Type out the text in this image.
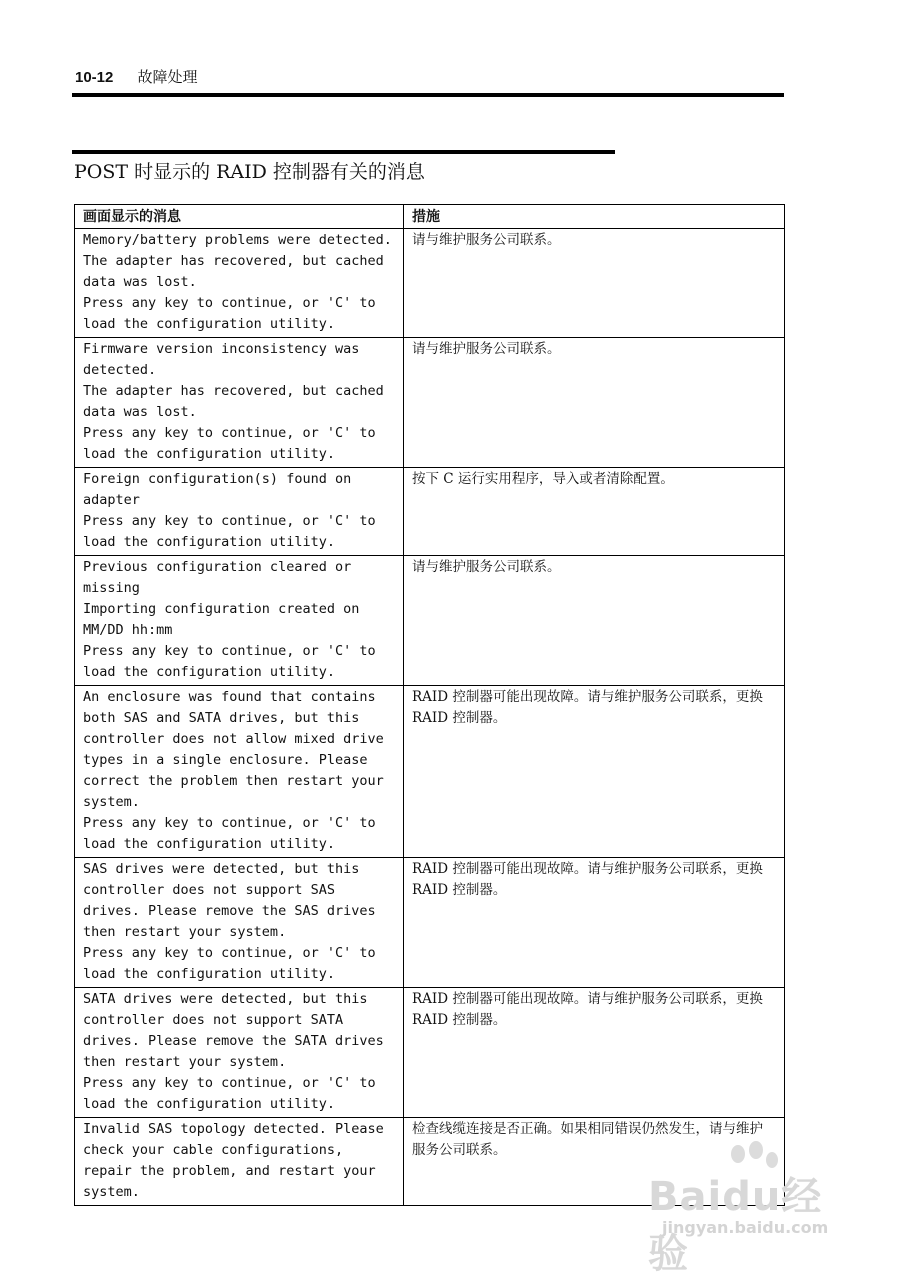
10-12 故障处理
POST 时显示的 RAID 控制器有关的消息
画面显示的消息	措施

Memory/battery problems were detected.
The adapter has recovered, but cached data was lost.
Press any key to continue, or 'C' to load the configuration utility.	请与维护服务公司联系。

Firmware version inconsistency was detected.
The adapter has recovered, but cached data was lost.
Press any key to continue, or 'C' to load the configuration utility.	请与维护服务公司联系。

Foreign configuration(s) found on adapter
Press any key to continue, or 'C' to load the configuration utility.	按下 C 运行实用程序，导入或者清除配置。

Previous configuration cleared or missing
Importing configuration created on MM/DD hh:mm
Press any key to continue, or 'C' to load the configuration utility.	请与维护服务公司联系。

An enclosure was found that contains both SAS and SATA drives, but this controller does not allow mixed drive types in a single enclosure. Please correct the problem then restart your system.
Press any key to continue, or 'C' to load the configuration utility.	RAID 控制器可能出现故障。请与维护服务公司联系，更换 RAID 控制器。

SAS drives were detected, but this controller does not support SAS drives. Please remove the SAS drives then restart your system.
Press any key to continue, or 'C' to load the configuration utility.	RAID 控制器可能出现故障。请与维护服务公司联系，更换 RAID 控制器。

SATA drives were detected, but this controller does not support SATA drives. Please remove the SATA drives then restart your system.
Press any key to continue, or 'C' to load the configuration utility.	RAID 控制器可能出现故障。请与维护服务公司联系，更换 RAID 控制器。

Invalid SAS topology detected. Please check your cable configurations, repair the problem, and restart your system.	检查线缆连接是否正确。如果相同错误仍然发生，请与维护服务公司联系。
Baidu经验
jingyan.baidu.com
